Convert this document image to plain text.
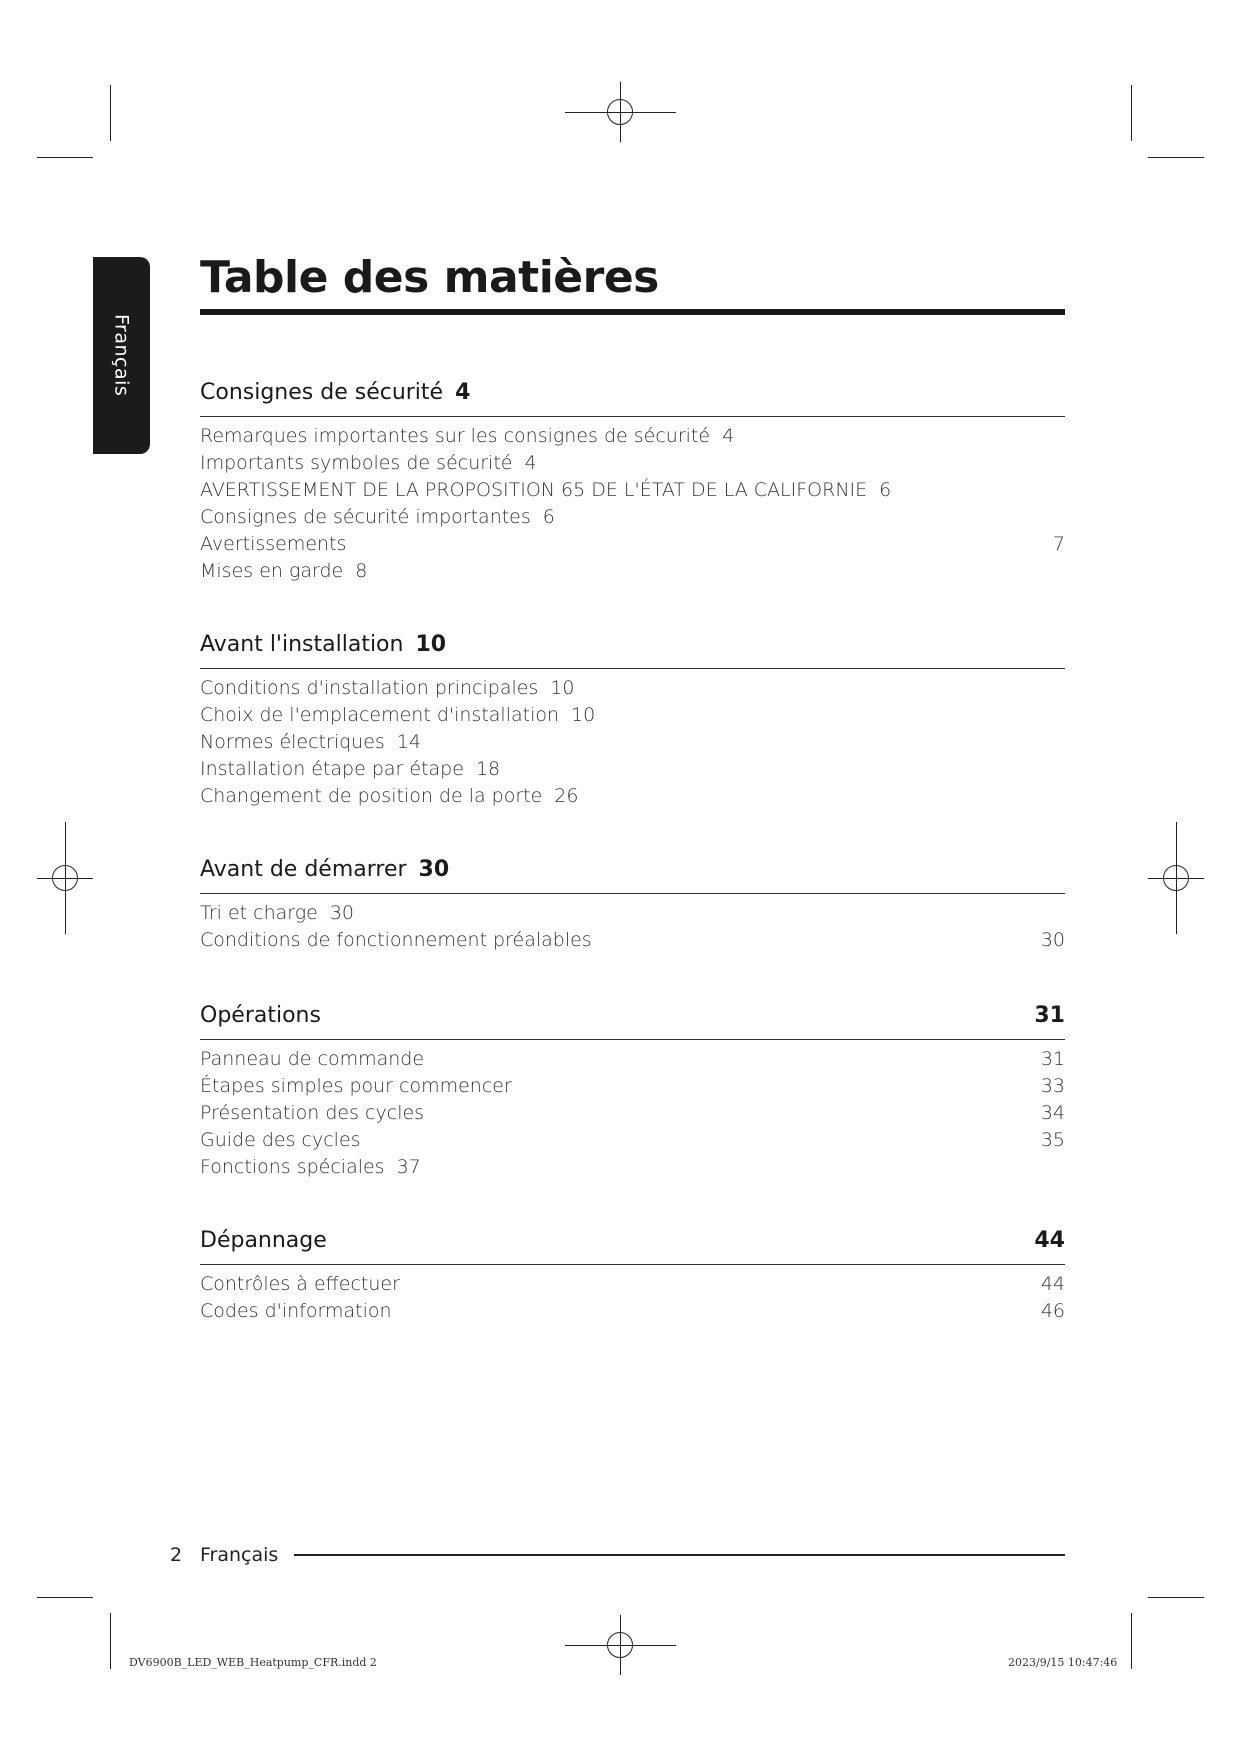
Français
Table des matières
Consignes de sécurité 4
Remarques importantes sur les consignes de sécurité 4
Importants symboles de sécurité 4
AVERTISSEMENT DE LA PROPOSITION 65 DE L'ÉTAT DE LA CALIFORNIE 6
Consignes de sécurité importantes 6
Avertissements	7
Mises en garde 8
Avant l'installation 10
Conditions d'installation principales 10
Choix de l'emplacement d'installation 10
Normes électriques 14
Installation étape par étape 18
Changement de position de la porte 26
Avant de démarrer 30
Tri et charge 30
Conditions de fonctionnement préalables	30
Opérations	31
Panneau de commande	31
Étapes simples pour commencer	33
Présentation des cycles	34
Guide des cycles	35
Fonctions spéciales 37
Dépannage	44
Contrôles à effectuer	44
Codes d'information	46
2 Français
DV6900B_LED_WEB_Heatpump_CFR.indd 2	2023/9/15 10:47:46
